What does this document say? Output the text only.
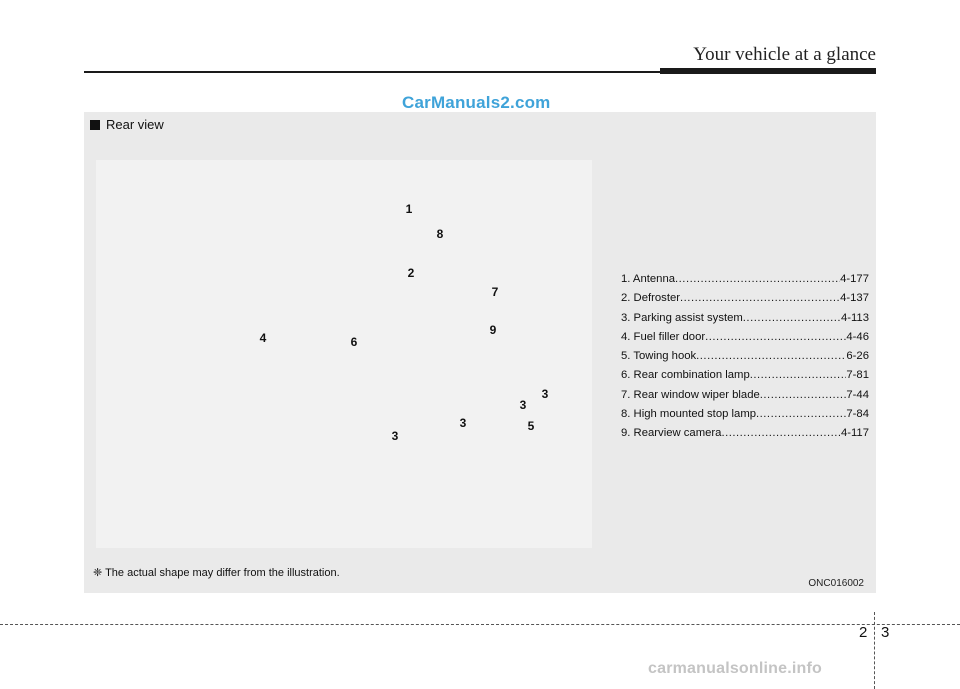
Your vehicle at a glance
CarManuals2.com
Rear view
1
8
2
7
9
4	6
3
3
5
3
3
1. Antenna .....	4-177
2. Defroster .....	4-137
3. Parking assist system .....	4-113
4. Fuel filler door .....	4-46
5. Towing hook .....	6-26
6. Rear combination lamp .....	7-81
7. Rear window wiper blade .....	7-44
8. High mounted stop lamp .....	7-84
9. Rearview camera .....	4-117
❈ The actual shape may differ from the illustration.
ONC016002
2 3
carmanualsonline.info
